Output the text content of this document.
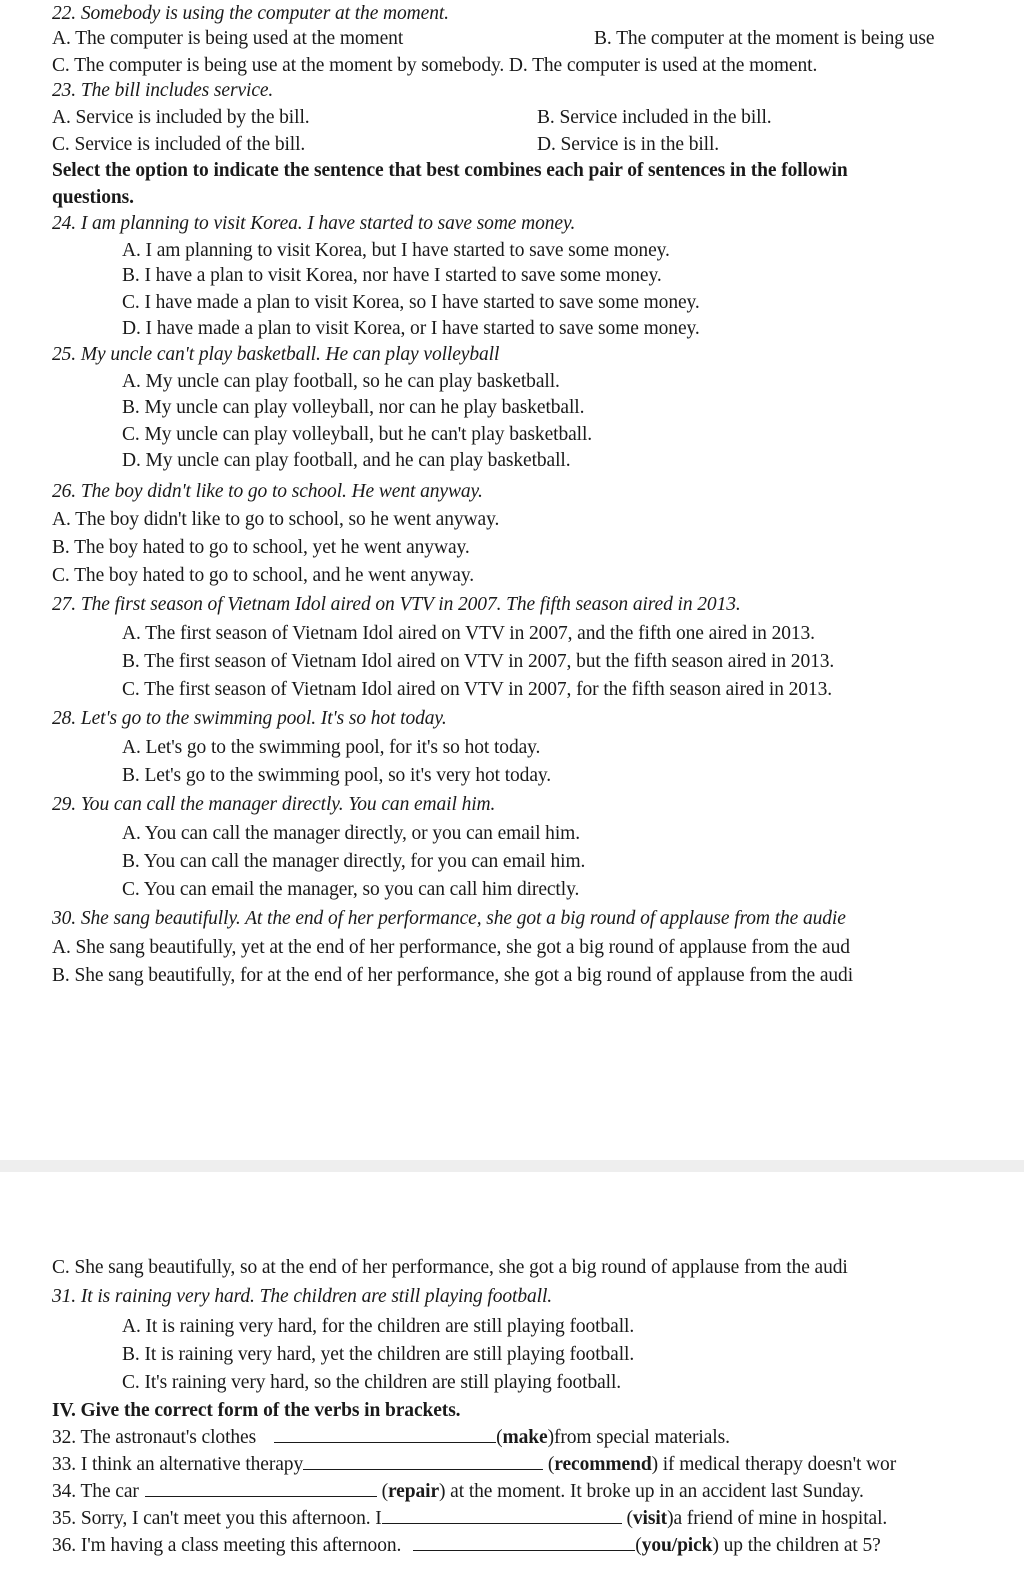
22. Somebody is using the computer at the moment.
A. The computer is being used at the moment	B. The computer at the moment is being use
C. The computer is being use at the moment by somebody. D. The computer is used at the moment.
23. The bill includes service.
A. Service is included by the bill.	B. Service included in the bill.
C. Service is included of the bill.	D. Service is in the bill.
Select the option to indicate the sentence that best combines each pair of sentences in the followin
questions.
24. I am planning to visit Korea. I have started to save some money.
A. I am planning to visit Korea, but I have started to save some money.
B. I have a plan to visit Korea, nor have I started to save some money.
C. I have made a plan to visit Korea, so I have started to save some money.
D. I have made a plan to visit Korea, or I have started to save some money.
25. My uncle can't play basketball. He can play volleyball
A. My uncle can play football, so he can play basketball.
B. My uncle can play volleyball, nor can he play basketball.
C. My uncle can play volleyball, but he can't play basketball.
D. My uncle can play football, and he can play basketball.
26. The boy didn't like to go to school. He went anyway.
A. The boy didn't like to go to school, so he went anyway.
B. The boy hated to go to school, yet he went anyway.
C. The boy hated to go to school, and he went anyway.
27. The first season of Vietnam Idol aired on VTV in 2007. The fifth season aired in 2013.
A. The first season of Vietnam Idol aired on VTV in 2007, and the fifth one aired in 2013.
B. The first season of Vietnam Idol aired on VTV in 2007, but the fifth season aired in 2013.
C. The first season of Vietnam Idol aired on VTV in 2007, for the fifth season aired in 2013.
28. Let's go to the swimming pool. It's so hot today.
A. Let's go to the swimming pool, for it's so hot today.
B. Let's go to the swimming pool, so it's very hot today.
29. You can call the manager directly. You can email him.
A. You can call the manager directly, or you can email him.
B. You can call the manager directly, for you can email him.
C. You can email the manager, so you can call him directly.
30. She sang beautifully. At the end of her performance, she got a big round of applause from the audie
A. She sang beautifully, yet at the end of her performance, she got a big round of applause from the aud
B. She sang beautifully, for at the end of her performance, she got a big round of applause from the audi
C. She sang beautifully, so at the end of her performance, she got a big round of applause from the audi
31. It is raining very hard. The children are still playing football.
A. It is raining very hard, for the children are still playing football.
B. It is raining very hard, yet the children are still playing football.
C. It's raining very hard, so the children are still playing football.
IV. Give the correct form of the verbs in brackets.
32. The astronaut's clothes	(make)from special materials.
33. I think an alternative therapy	(recommend) if medical therapy doesn't wor
34. The car	(repair) at the moment. It broke up in an accident last Sunday.
35. Sorry, I can't meet you this afternoon. I	(visit)a friend of mine in hospital.
36. I'm having a class meeting this afternoon.	(you/pick) up the children at 5?
